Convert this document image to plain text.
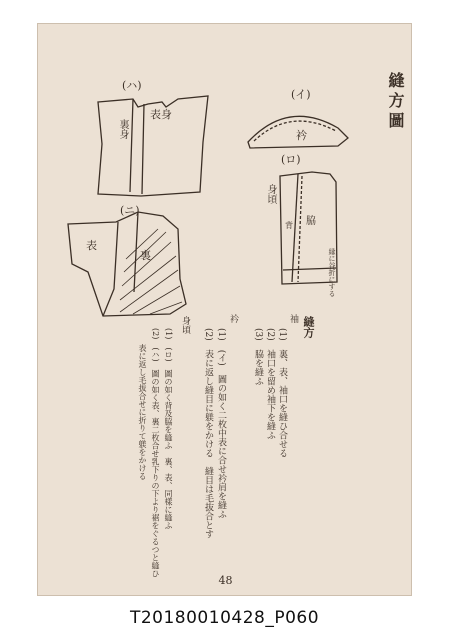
縫方圖
(イ)
(ロ)
(ハ)
(ニ)
衿
表身
裏身
表
裏
身頃
背 脇
縁に谷折にする
縫方
袖
(1)　裏、表、袖口を縫ひ合せる
(2)　袖口を留め袖下を縫ふ
(3)　脇を縫ふ
衿
(1)　(イ)　圖の如く二枚中表に合せ衿肩を縫ふ
(2)　表に返し縫目に躾をかける　縫目は毛抜合とす
身頃
(1)　(ロ)　圖の如く背及脇を縫ふ　裏、表、同樣に縫ふ
(2)　(ハ)　圖の如く表、裏二枚合せ乳下りの下より裾をぐるつと縫ひ
表に返し毛拔合せに折りて躾をかける
48
T20180010428_P060
